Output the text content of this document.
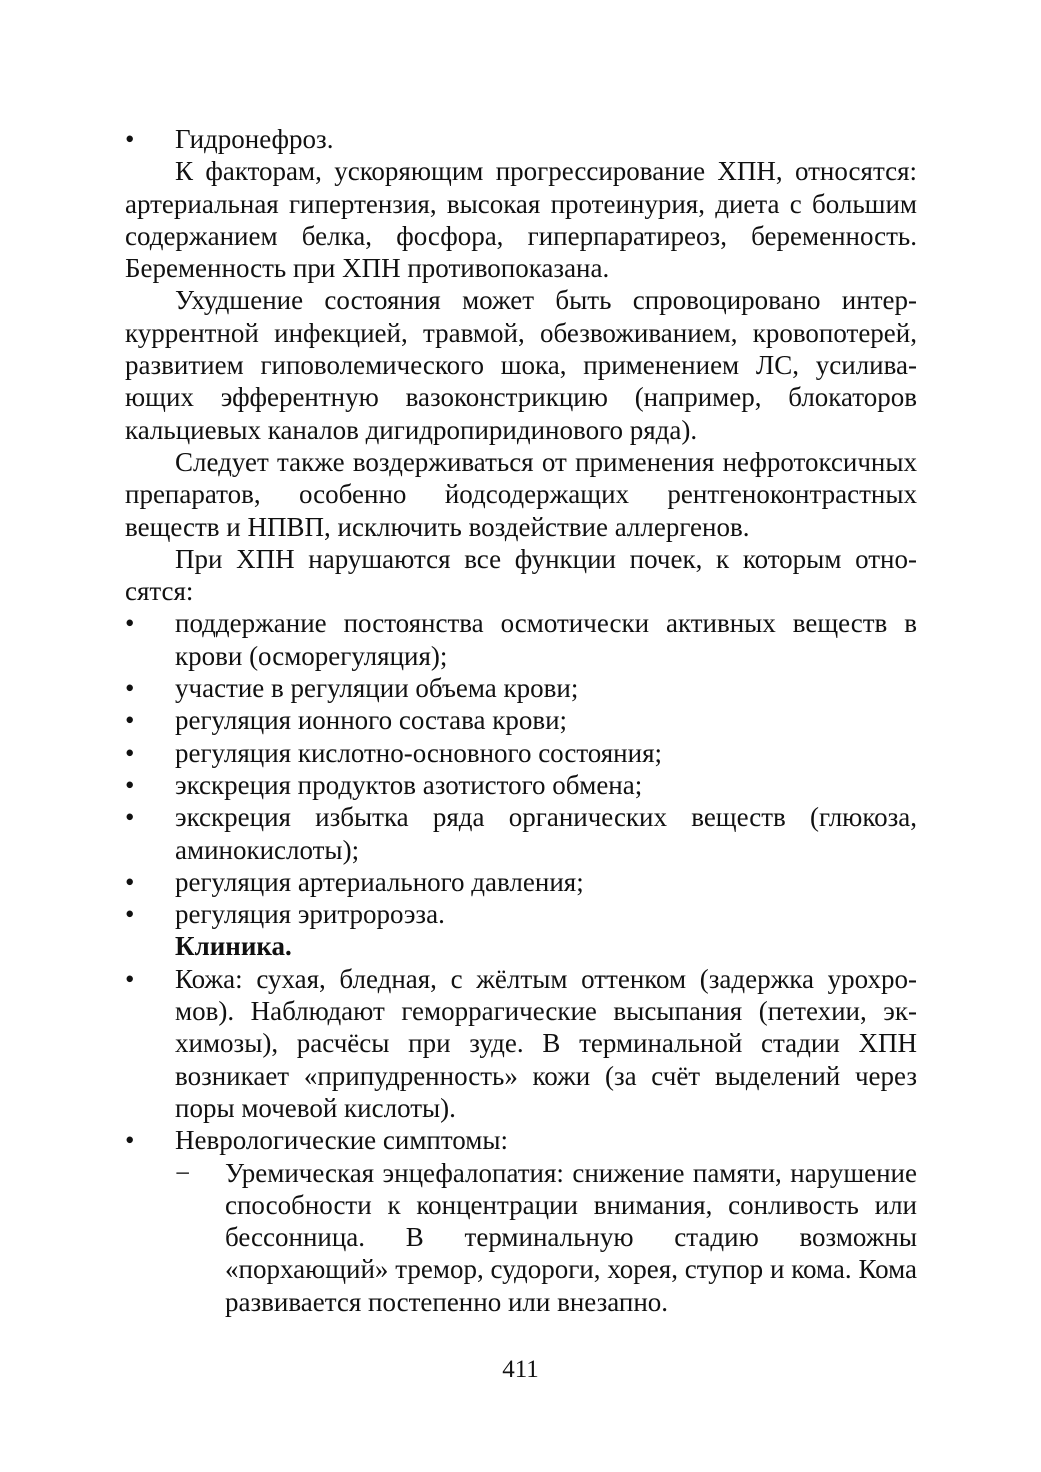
• Гидронефроз.

К факторам, ускоряющим прогрессирование ХПН, относятся: артериальная гипертензия, высокая протеинурия, диета с большим содержанием белка, фосфора, гиперпаратиреоз, беременность. Беременность при ХПН противопоказана.

Ухудшение состояния может быть спровоцировано интеркуррентной инфекцией, травмой, обезвоживанием, кровопотерей, развитием гиповолемического шока, применением ЛС, усиливающих эфферентную вазоконстрикцию (например, блокаторов кальциевых каналов дигидропиридинового ряда).

Следует также воздерживаться от применения нефротоксичных препаратов, особенно йодсодержащих рентгеноконтрастных веществ и НПВП, исключить воздействие аллергенов.

При ХПН нарушаются все функции почек, к которым относятся:

• поддержание постоянства осмотически активных веществ в крови (осморегуляция);
• участие в регуляции объема крови;
• регуляция ионного состава крови;
• регуляция кислотно-основного состояния;
• экскреция продуктов азотистого обмена;
• экскреция избытка ряда органических веществ (глюкоза, аминокислоты);
• регуляция артериального давления;
• регуляция эритророэза.

Клиника.

• Кожа: сухая, бледная, с жёлтым оттенком (задержка урохромов). Наблюдают геморрагические высыпания (петехии, экхимозы), расчёсы при зуде. В терминальной стадии ХПН возникает «припудренность» кожи (за счёт выделений через поры мочевой кислоты).
• Неврологические симптомы:
− Уремическая энцефалопатия: снижение памяти, нарушение способности к концентрации внимания, сонливость или бессонница. В терминальную стадию возможны «порхающий» тремор, судороги, хорея, ступор и кома. Кома развивается постепенно или внезапно.
411
